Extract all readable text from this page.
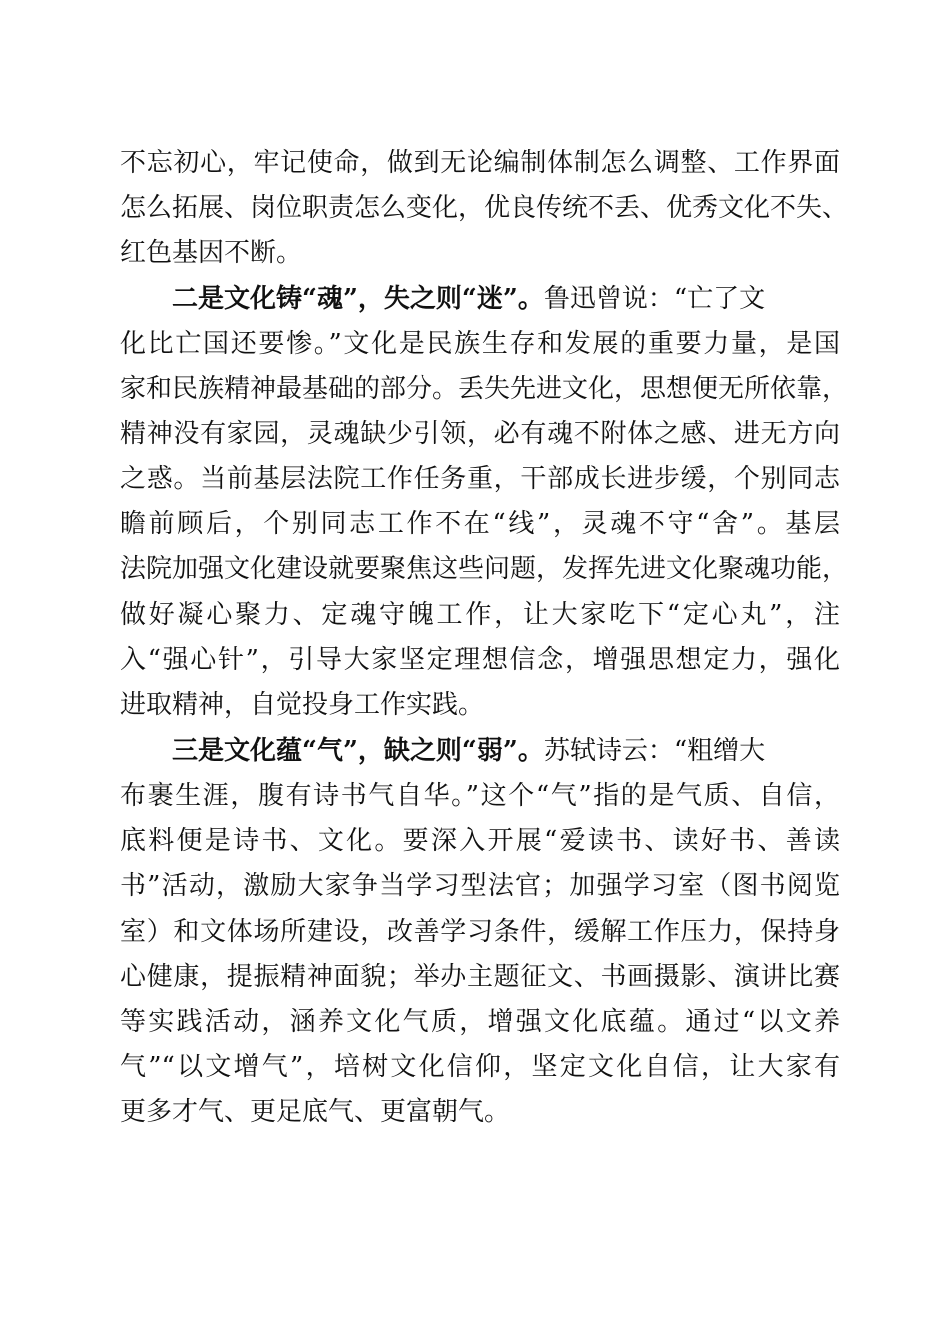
不忘初心，牢记使命，做到无论编制体制怎么调整、工作界面
怎么拓展、岗位职责怎么变化，优良传统不丢、优秀文化不失、
红色基因不断。
二是文化铸“魂”，失之则“迷”。鲁迅曾说：“亡了文
化比亡国还要惨。”文化是民族生存和发展的重要力量，是国
家和民族精神最基础的部分。丢失先进文化，思想便无所依靠，
精神没有家园，灵魂缺少引领，必有魂不附体之感、进无方向
之惑。当前基层法院工作任务重，干部成长进步缓，个别同志
瞻前顾后，个别同志工作不在“线”，灵魂不守“舍”。基层
法院加强文化建设就要聚焦这些问题，发挥先进文化聚魂功能，
做好凝心聚力、定魂守魄工作，让大家吃下“定心丸”，注
入“强心针”，引导大家坚定理想信念，增强思想定力，强化
进取精神，自觉投身工作实践。
三是文化蕴“气”，缺之则“弱”。苏轼诗云：“粗缯大
布裹生涯，腹有诗书气自华。”这个“气”指的是气质、自信，
底料便是诗书、文化。要深入开展“爱读书、读好书、善读
书”活动，激励大家争当学习型法官；加强学习室（图书阅览
室）和文体场所建设，改善学习条件，缓解工作压力，保持身
心健康，提振精神面貌；举办主题征文、书画摄影、演讲比赛
等实践活动，涵养文化气质，增强文化底蕴。通过“以文养
气”“以文增气”，培树文化信仰，坚定文化自信，让大家有
更多才气、更足底气、更富朝气。
